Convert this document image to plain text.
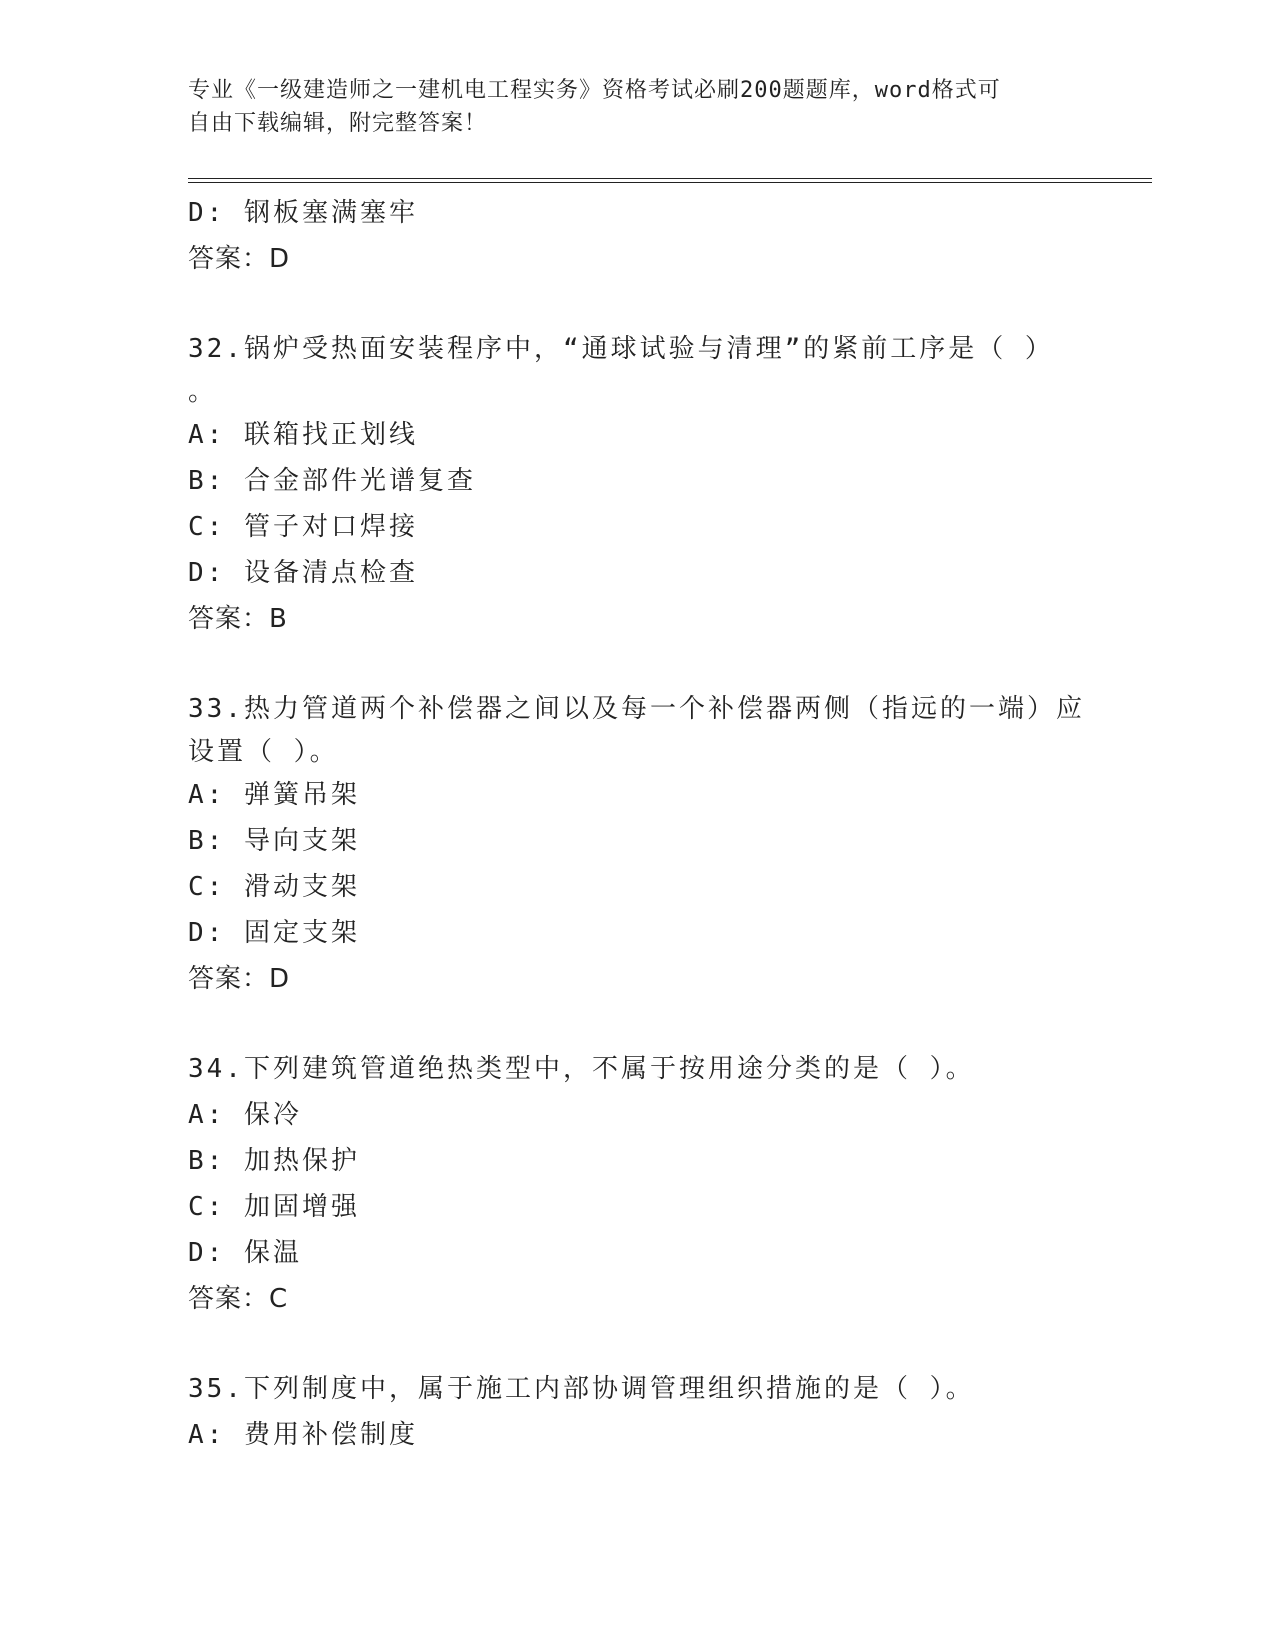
专业《一级建造师之一建机电工程实务》资格考试必刷200题题库，word格式可
自由下载编辑，附完整答案！
D: 钢板塞满塞牢
答案：D
32.锅炉受热面安装程序中，“通球试验与清理”的紧前工序是（ ）
。
A: 联箱找正划线
B: 合金部件光谱复查
C: 管子对口焊接
D: 设备清点检查
答案：B
33.热力管道两个补偿器之间以及每一个补偿器两侧（指远的一端）应
设置（ ）。
A: 弹簧吊架
B: 导向支架
C: 滑动支架
D: 固定支架
答案：D
34.下列建筑管道绝热类型中，不属于按用途分类的是（ ）。
A: 保冷
B: 加热保护
C: 加固增强
D: 保温
答案：C
35.下列制度中，属于施工内部协调管理组织措施的是（ ）。
A: 费用补偿制度
